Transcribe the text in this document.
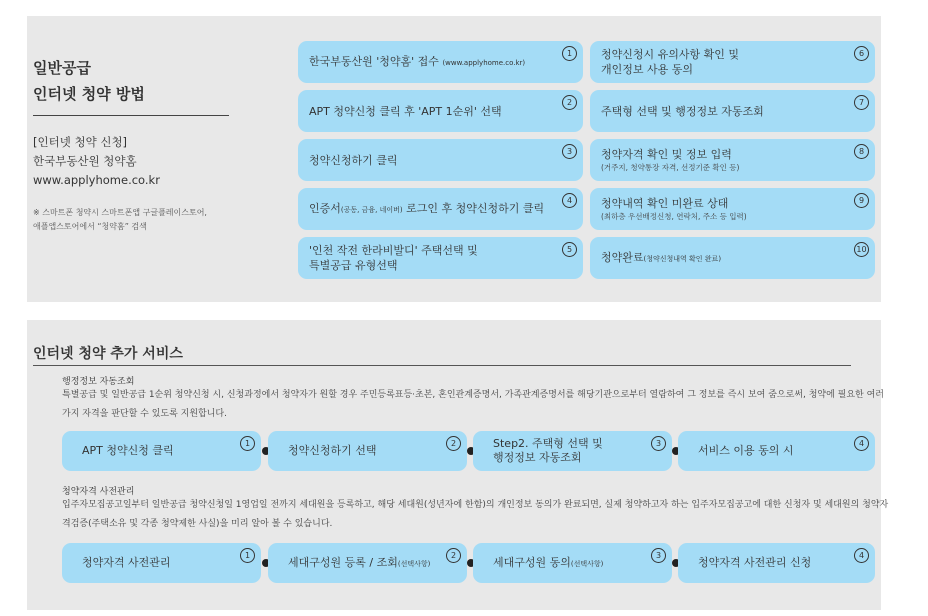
일반공급
인터넷 청약 방법
[인터넷 청약 신청]
한국부동산원 청약홈
www.applyhome.co.kr
※ 스마트폰 청약시 스마트폰앱 구글플레이스토어,
애플앱스토어에서 “청약홈” 검색
한국부동산원 '청약홈' 접수 (www.applyhome.co.kr)
1
APT 청약신청 클릭 후 'APT 1순위' 선택
2
청약신청하기 클릭
3
인증서(공동, 금융, 네이버) 로그인 후 청약신청하기 클릭
4
'인천 작전 한라비발디' 주택선택 및
특별공급 유형선택
5
청약신청시 유의사항 확인 및
개인정보 사용 동의
6
주택형 선택 및 행정정보 자동조회
7
청약자격 확인 및 정보 입력
(거주지, 청약통장 자격, 선정기준 확인 등)
8
청약내역 확인 미완료 상태
(최하층 우선배정신청, 연락처, 주소 등 입력)
9
청약완료(청약신청내역 확인 완료)
10
인터넷 청약 추가 서비스
행정정보 자동조회
특별공급 및 일반공급 1순위 청약신청 시, 신청과정에서 청약자가 원할 경우 주민등록표등·초본, 혼인관계증명서, 가족관계증명서를 해당기관으로부터 열람하여 그 정보를 즉시 보여 줌으로써, 청약에 필요한 여러가지 자격을 판단할 수 있도록 지원합니다.
APT 청약신청 클릭
1
청약신청하기 선택
2	Step2. 주택형 선택 및
행정정보 자동조회
3
서비스 이용 동의 시
4
청약자격 사전관리
입주자모집공고일부터 일반공급 청약신청일 1영업일 전까지 세대원을 등록하고, 해당 세대원(성년자에 한함)의 개인정보 동의가 완료되면, 실제 청약하고자 하는 입주자모집공고에 대한 신청자 및 세대원의 청약자격검증(주택소유 및 각종 청약제한 사실)을 미리 알아 볼 수 있습니다.
청약자격 사전관리
1	세대구성원 등록 / 조회(선택사항)
2	세대구성원 동의(선택사항)
3
청약자격 사전관리 신청
4
